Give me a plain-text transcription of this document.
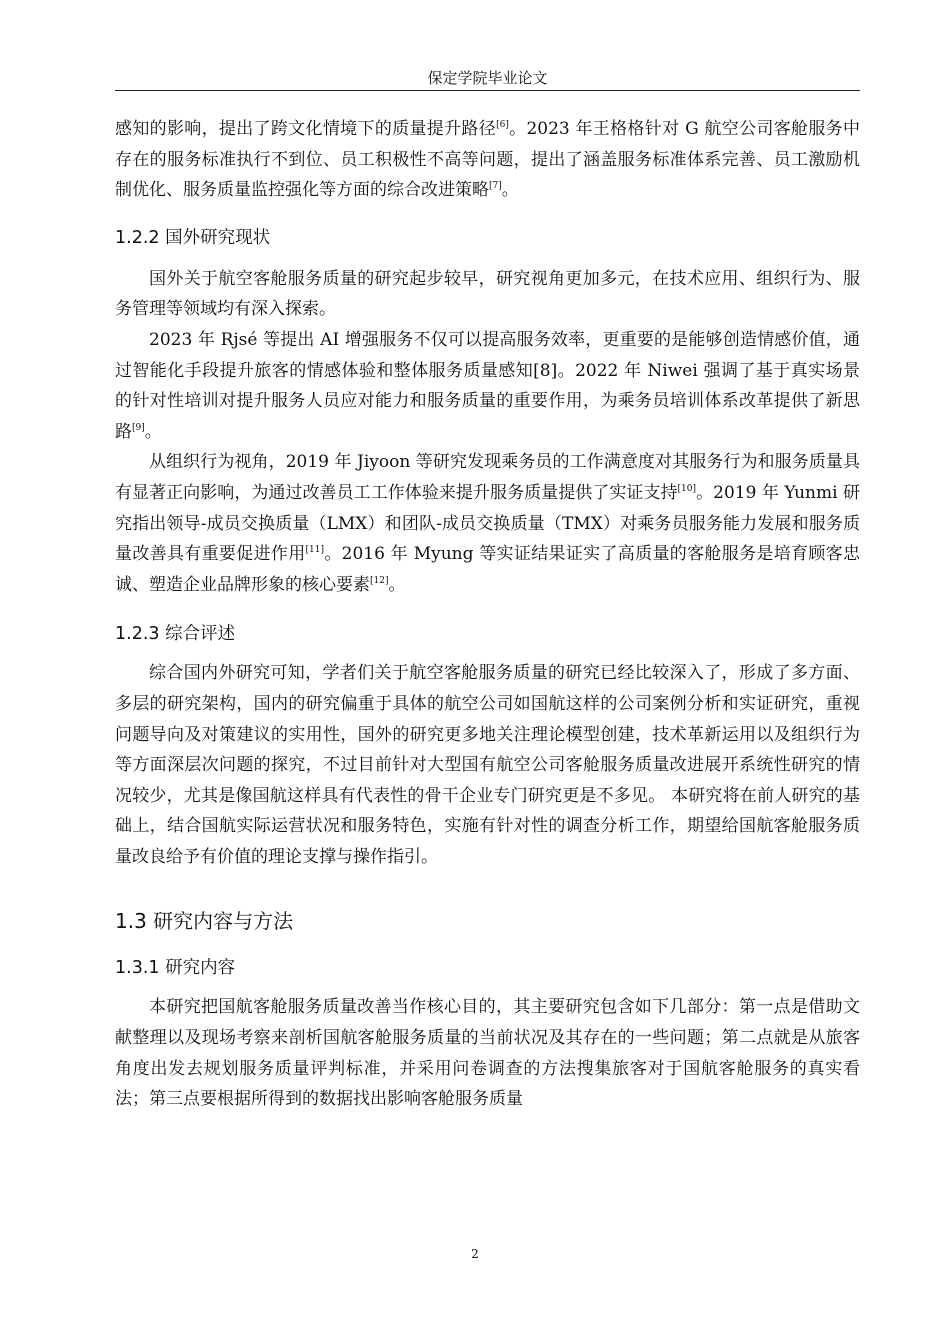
保定学院毕业论文

感知的影响，提出了跨文化情境下的质量提升路径[6]。2023 年王格格针对 G 航空公司客舱服务中存在的服务标准执行不到位、员工积极性不高等问题，提出了涵盖服务标准体系完善、员工激励机制优化、服务质量监控强化等方面的综合改进策略[7]。

1.2.2 国外研究现状

国外关于航空客舱服务质量的研究起步较早，研究视角更加多元，在技术应用、组织行为、服务管理等领域均有深入探索。

2023 年 Rjsé 等提出 AI 增强服务不仅可以提高服务效率，更重要的是能够创造情感价值，通过智能化手段提升旅客的情感体验和整体服务质量感知[8]。2022 年 Niwei 强调了基于真实场景的针对性培训对提升服务人员应对能力和服务质量的重要作用，为乘务员培训体系改革提供了新思路[9]。

从组织行为视角，2019 年 Jiyoon 等研究发现乘务员的工作满意度对其服务行为和服务质量具有显著正向影响，为通过改善员工工作体验来提升服务质量提供了实证支持[10]。2019 年 Yunmi 研究指出领导-成员交换质量（LMX）和团队-成员交换质量（TMX）对乘务员服务能力发展和服务质量改善具有重要促进作用[11]。2016 年 Myung 等实证结果证实了高质量的客舱服务是培育顾客忠诚、塑造企业品牌形象的核心要素[12]。

1.2.3 综合评述

综合国内外研究可知，学者们关于航空客舱服务质量的研究已经比较深入了，形成了多方面、多层的研究架构，国内的研究偏重于具体的航空公司如国航这样的公司案例分析和实证研究，重视问题导向及对策建议的实用性，国外的研究更多地关注理论模型创建，技术革新运用以及组织行为等方面深层次问题的探究，不过目前针对大型国有航空公司客舱服务质量改进展开系统性研究的情况较少，尤其是像国航这样具有代表性的骨干企业专门研究更是不多见。 本研究将在前人研究的基础上，结合国航实际运营状况和服务特色，实施有针对性的调查分析工作，期望给国航客舱服务质量改良给予有价值的理论支撑与操作指引。

1.3 研究内容与方法
1.3.1 研究内容

本研究把国航客舱服务质量改善当作核心目的，其主要研究包含如下几部分：第一点是借助文献整理以及现场考察来剖析国航客舱服务质量的当前状况及其存在的一些问题；第二点就是从旅客角度出发去规划服务质量评判标准，并采用问卷调查的方法搜集旅客对于国航客舱服务的真实看法；第三点要根据所得到的数据找出影响客舱服务质量

2
